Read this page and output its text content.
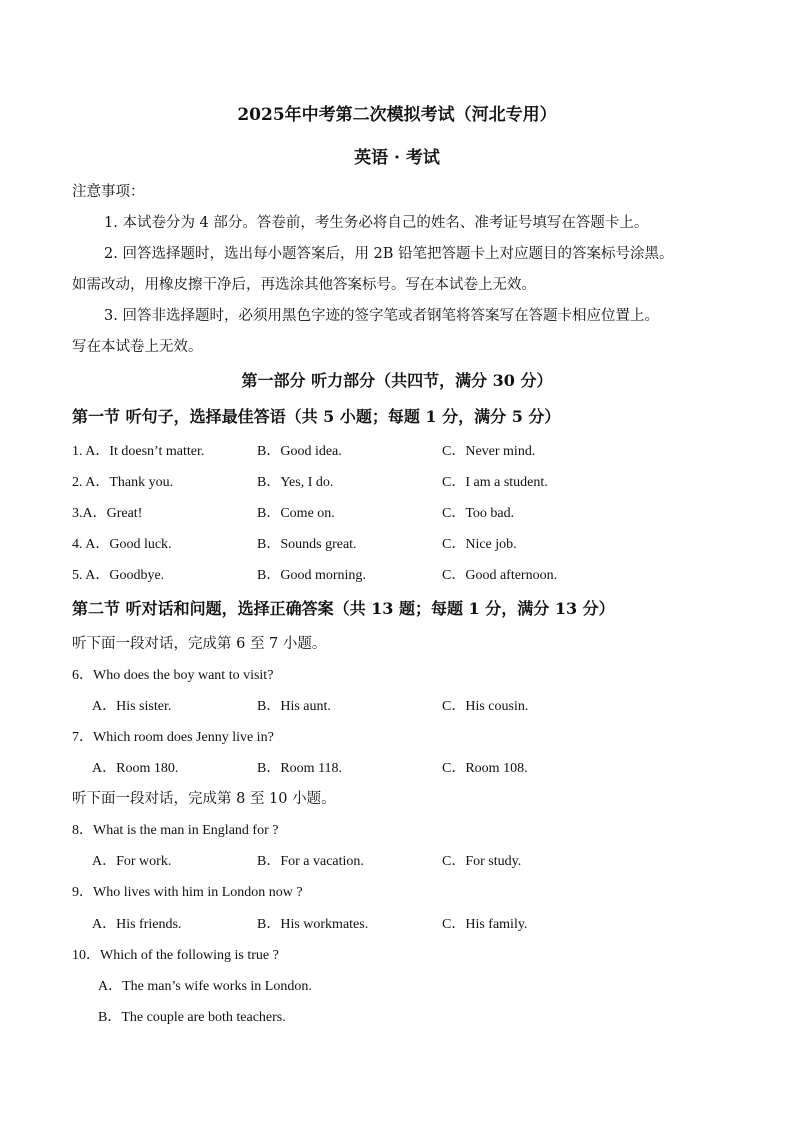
2025年中考第二次模拟考试（河北专用）
英语 · 考试
注意事项：
1. 本试卷分为 4 部分。答卷前，考生务必将自己的姓名、准考证号填写在答题卡上。
2. 回答选择题时，选出每小题答案后，用 2B 铅笔把答题卡上对应题目的答案标号涂黑。
如需改动，用橡皮擦干净后，再选涂其他答案标号。写在本试卷上无效。
3. 回答非选择题时，必须用黑色字迹的签字笔或者钢笔将答案写在答题卡相应位置上。
写在本试卷上无效。
第一部分 听力部分（共四节，满分 30 分）
第一节 听句子，选择最佳答语（共 5 小题；每题 1 分，满分 5 分）
1. A．It doesn’t matter.	B．Good idea.	C．Never mind.
2. A．Thank you.	B．Yes, I do.	C．I am a student.
3.A．Great!	B．Come on.	C．Too bad.
4. A．Good luck.	B．Sounds great.	C．Nice job.
5. A．Goodbye.	B．Good morning.	C．Good afternoon.
第二节 听对话和问题，选择正确答案（共 13 题；每题 1 分，满分 13 分）
听下面一段对话，完成第 6 至 7 小题。
6．Who does the boy want to visit?
A．His sister.	B．His aunt.	C．His cousin.
7．Which room does Jenny live in?
A．Room 180.	B．Room 118.	C．Room 108.
听下面一段对话，完成第 8 至 10 小题。
8．What is the man in England for ?
A．For work.	B．For a vacation.	C．For study.
9．Who lives with him in London now ?
A．His friends.	B．His workmates.	C．His family.
10．Which of the following is true ?
A．The man’s wife works in London.
B．The couple are both teachers.
